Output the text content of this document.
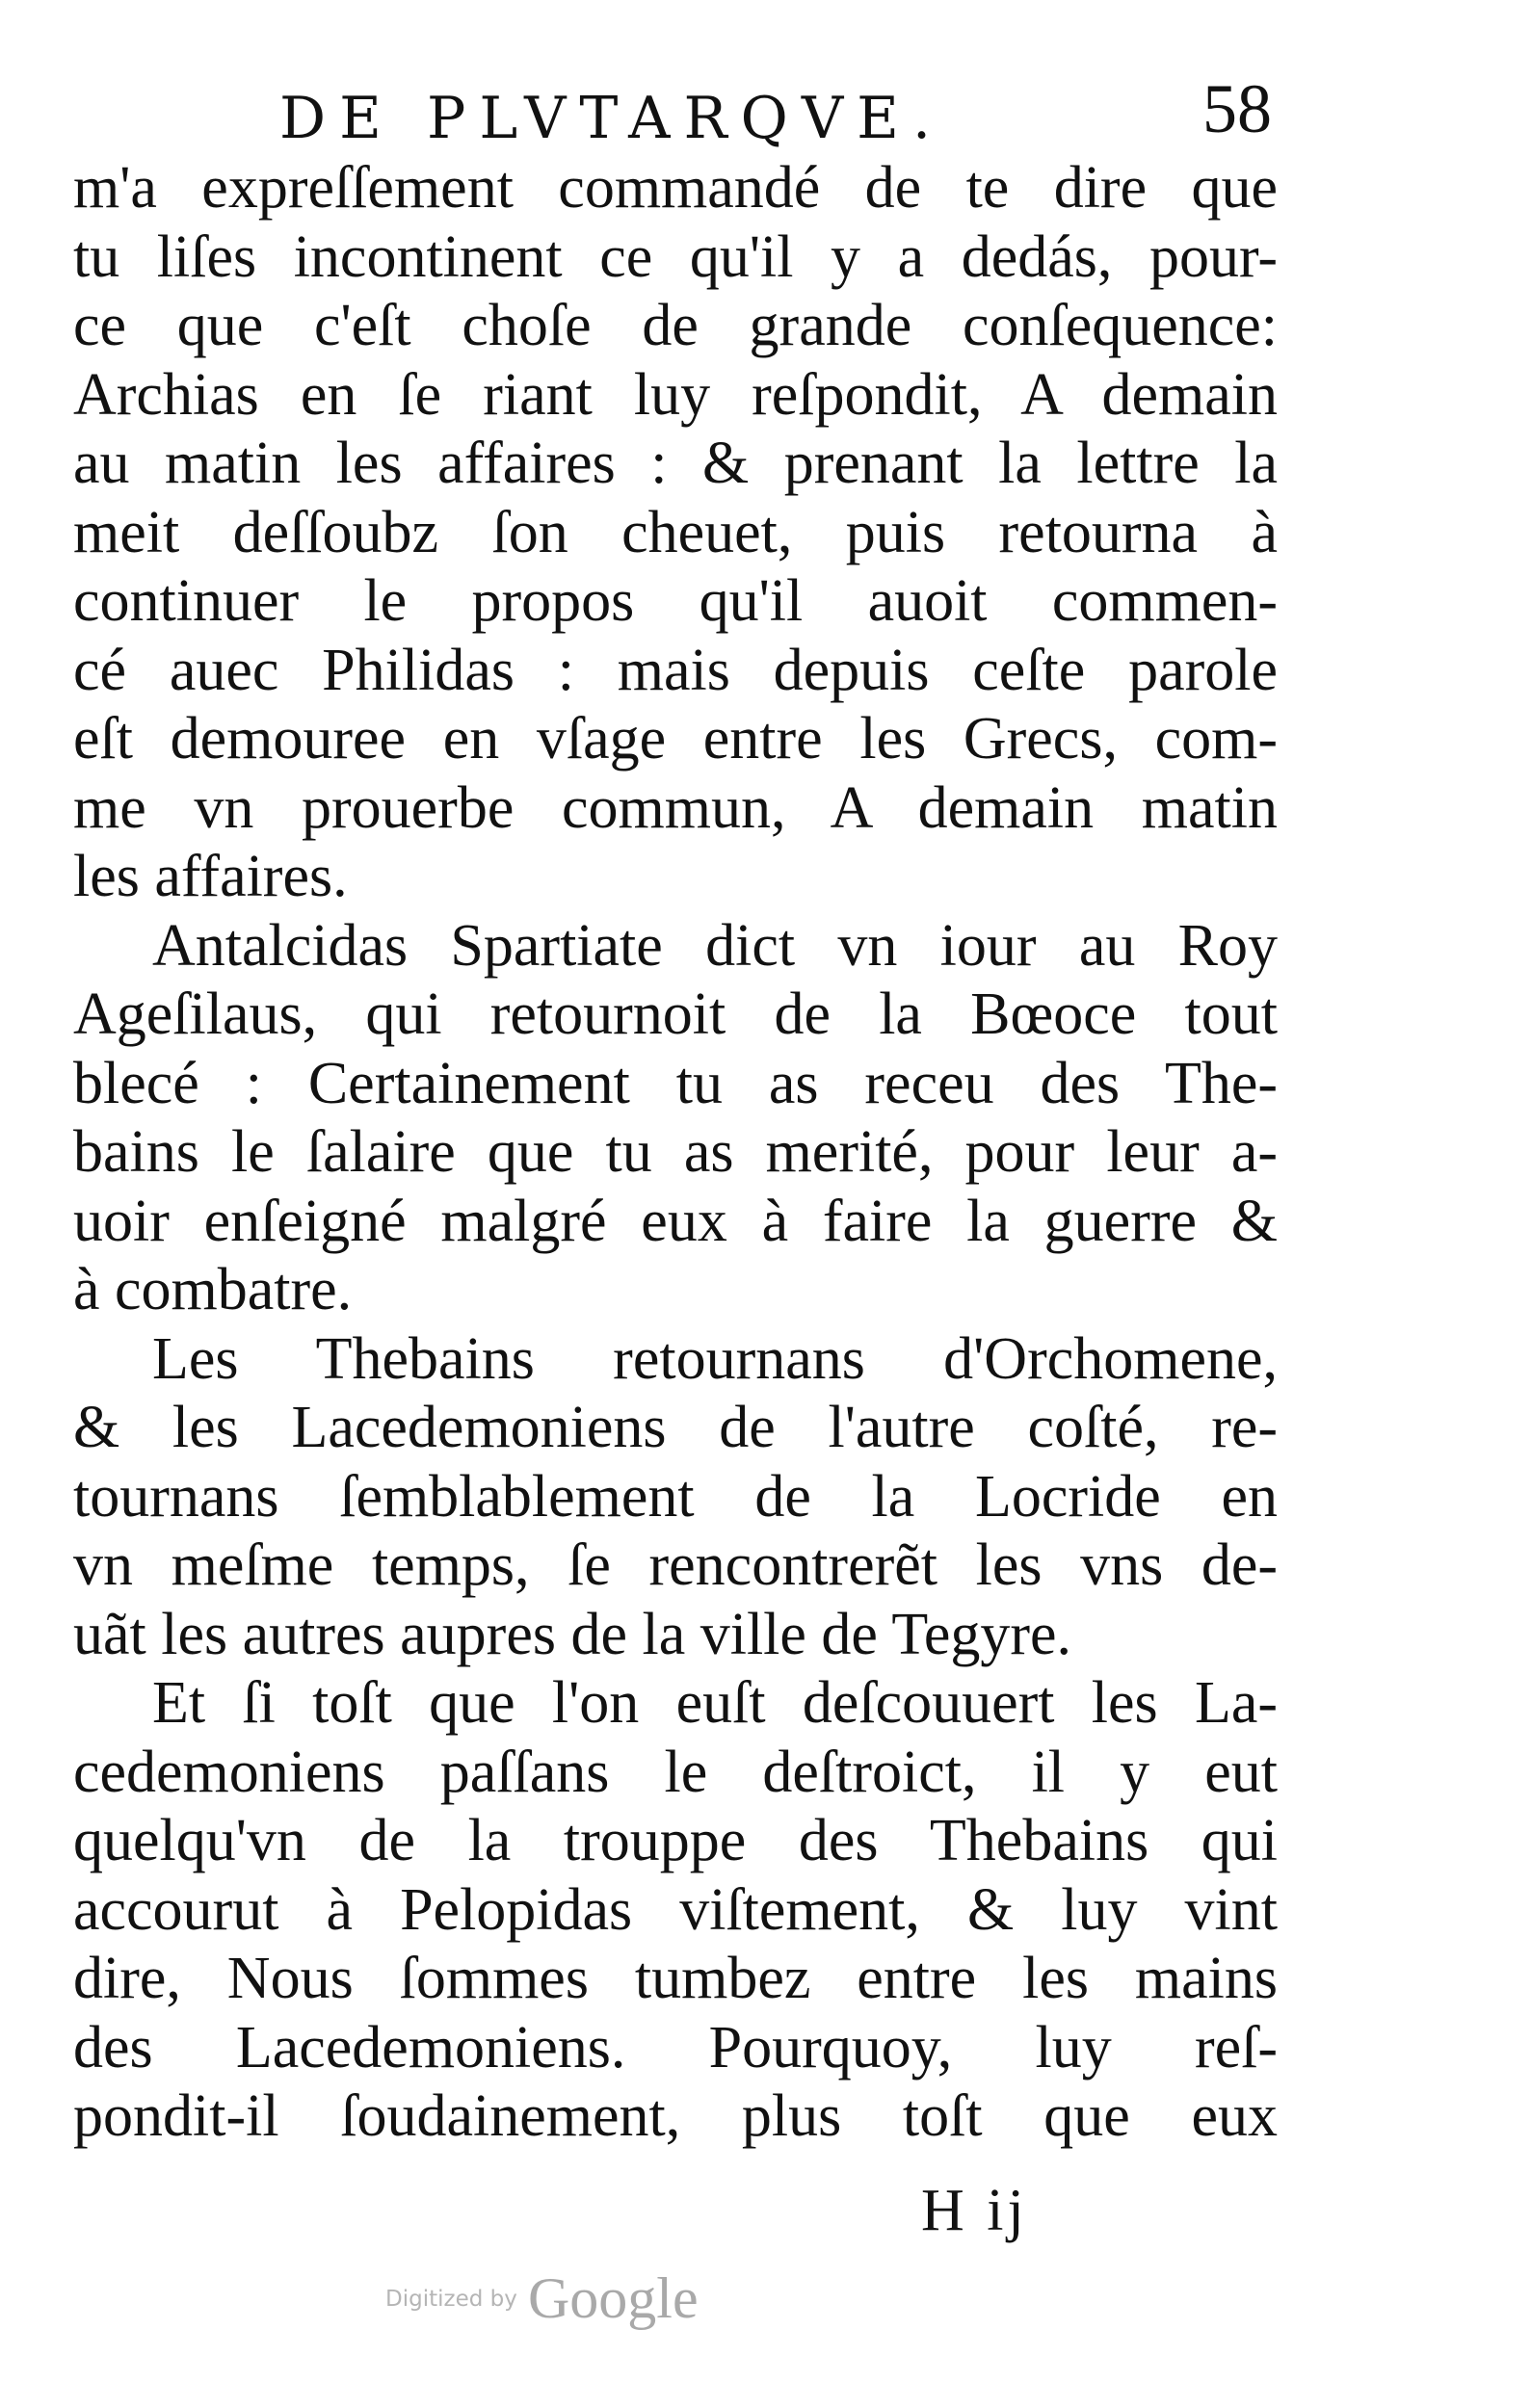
DE PLVTARQVE.	58
m'a expreſſement commandé de te dire que
tu liſes incontinent ce qu'il y a dedás, pour-
ce que c'eſt choſe de grande conſequence:
Archias en ſe riant luy reſpondit, A demain
au matin les affaires : & prenant la lettre la
meit deſſoubz ſon cheuet, puis retourna à
continuer le propos qu'il auoit commen-
cé auec Philidas : mais depuis ceſte parole
eſt demouree en vſage entre les Grecs, com-
me vn prouerbe commun, A demain matin
les affaires.
Antalcidas Spartiate dict vn iour au Roy
Ageſilaus, qui retournoit de la Bœoce tout
blecé : Certainement tu as receu des The-
bains le ſalaire que tu as merité, pour leur a-
uoir enſeigné malgré eux à faire la guerre &
à combatre.
Les Thebains retournans d'Orchomene,
& les Lacedemoniens de l'autre coſté, re-
tournans ſemblablement de la Locride en
vn meſme temps, ſe rencontrerẽt les vns de-
uãt les autres aupres de la ville de Tegyre.
Et ſi toſt que l'on euſt deſcouuert les La-
cedemoniens paſſans le deſtroict, il y eut
quelqu'vn de la trouppe des Thebains qui
accourut à Pelopidas viſtement, & luy vint
dire, Nous ſommes tumbez entre les mains
des Lacedemoniens. Pourquoy, luy reſ-
pondit-il ſoudainement, plus toſt que eux
H ij
Digitized by Google
